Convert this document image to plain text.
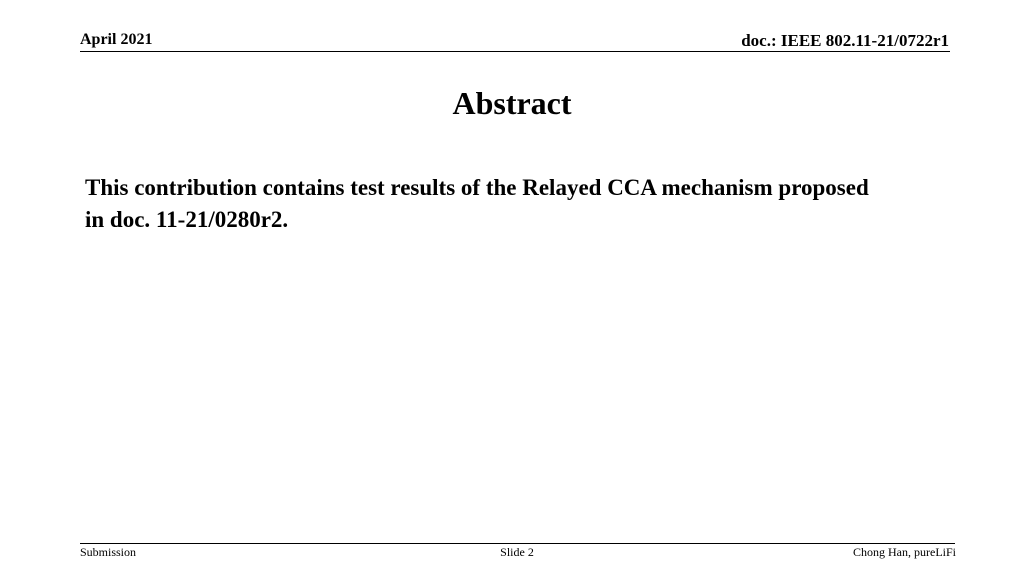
April 2021	doc.: IEEE 802.11-21/0722r1
Abstract
This contribution contains test results of the Relayed CCA mechanism proposed in doc. 11-21/0280r2.
Submission	Slide 2	Chong Han, pureLiFi
